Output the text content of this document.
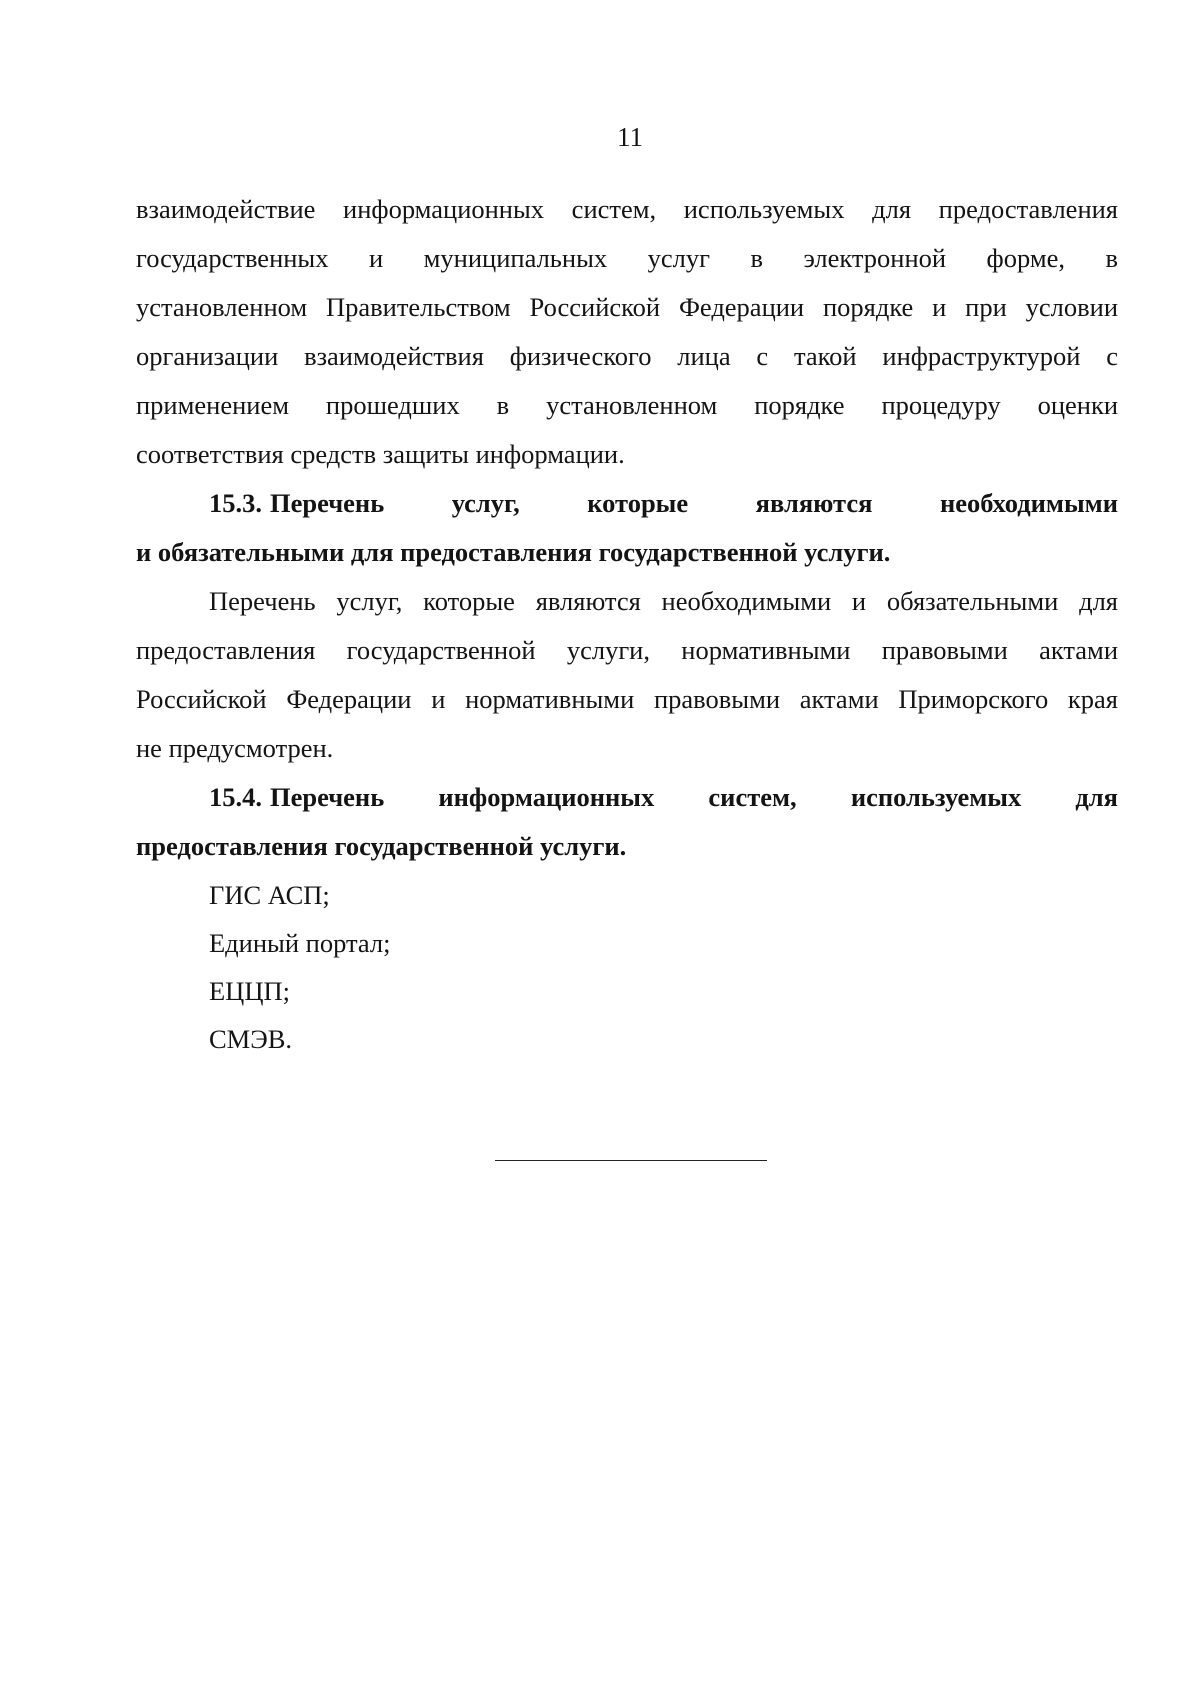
11
взаимодействие информационных систем, используемых для предоставления
государственных и муниципальных услуг в электронной форме, в
установленном Правительством Российской Федерации порядке и при условии
организации взаимодействия физического лица с такой инфраструктурой с
применением прошедших в установленном порядке процедуру оценки
соответствия средств защиты информации.
15.3. Перечень услуг, которые являются необходимыми
и обязательными для предоставления государственной услуги.
Перечень услуг, которые являются необходимыми и обязательными для
предоставления государственной услуги, нормативными правовыми актами
Российской Федерации и нормативными правовыми актами Приморского края
не предусмотрен.
15.4. Перечень информационных систем, используемых для
предоставления государственной услуги.
ГИС АСП;
Единый портал;
ЕЦЦП;
СМЭВ.
